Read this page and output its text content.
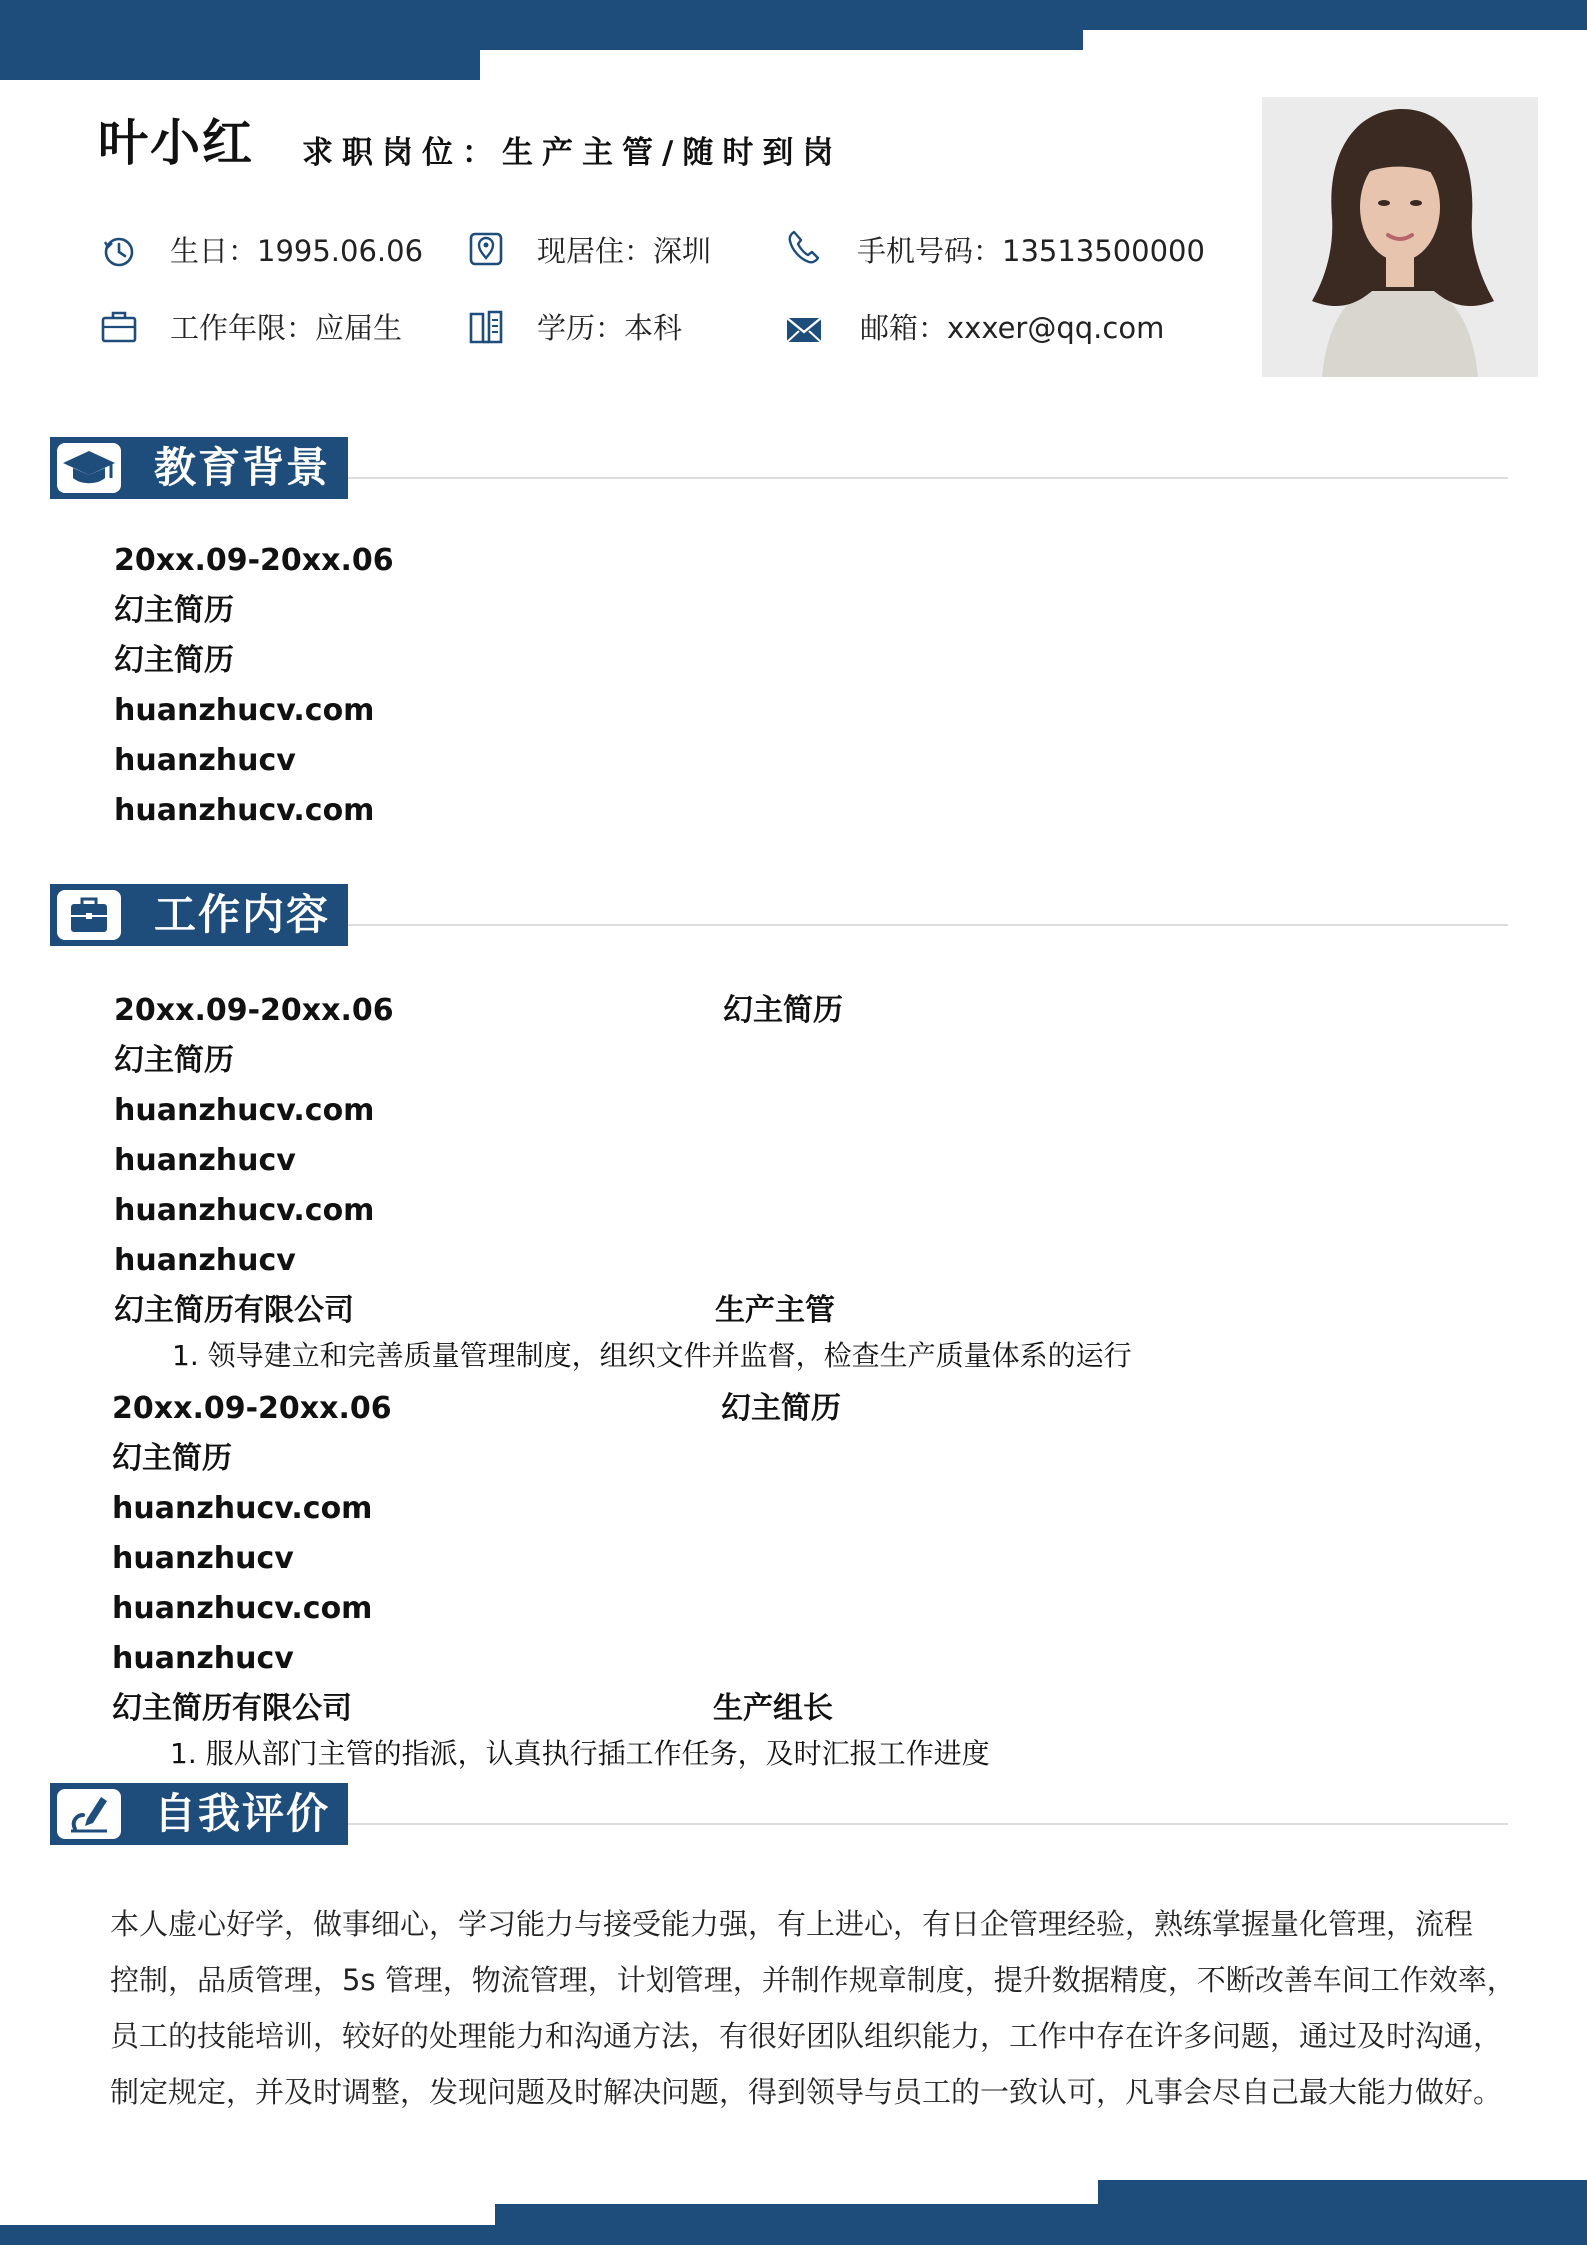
叶小红 求职岗位：生产主管/随时到岗
生日：1995.06.06	现居住：深圳	手机号码：13513500000
工作年限：应届生	学历：本科	邮箱：xxxer@qq.com
教育背景
20xx.09-20xx.06
幻主简历
幻主简历
huanzhucv.com
huanzhucv
huanzhucv.com
工作内容
20xx.09-20xx.06	幻主简历
幻主简历
huanzhucv.com
huanzhucv
huanzhucv.com
huanzhucv
幻主简历有限公司	生产主管
1. 领导建立和完善质量管理制度，组织文件并监督，检查生产质量体系的运行
20xx.09-20xx.06	幻主简历
幻主简历
huanzhucv.com
huanzhucv
huanzhucv.com
huanzhucv
幻主简历有限公司	生产组长
1. 服从部门主管的指派，认真执行插工作任务，及时汇报工作进度
自我评价
本人虚心好学，做事细心，学习能力与接受能力强，有上进心，有日企管理经验，熟练掌握量化管理，流程
控制，品质管理，5s 管理，物流管理，计划管理，并制作规章制度，提升数据精度，不断改善车间工作效率，
员工的技能培训，较好的处理能力和沟通方法，有很好团队组织能力，工作中存在许多问题，通过及时沟通，
制定规定，并及时调整，发现问题及时解决问题，得到领导与员工的一致认可，凡事会尽自己最大能力做好。
